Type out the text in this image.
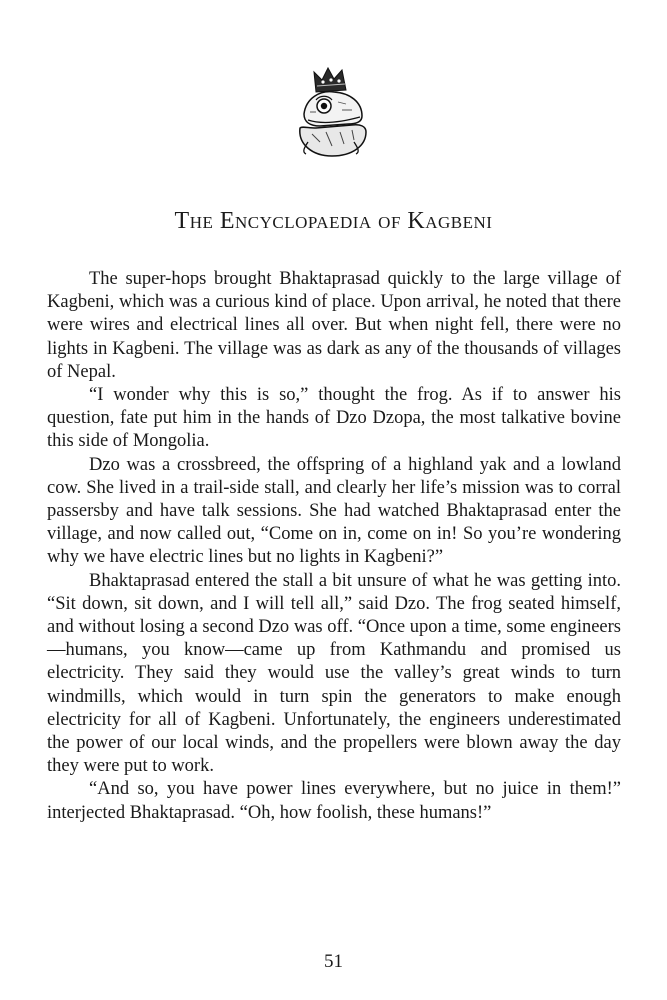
The Encyclopaedia of Kagbeni

The super-hops brought Bhaktaprasad quickly to the large village of Kagbeni, which was a curious kind of place. Upon arrival, he noted that there were wires and electrical lines all over. But when night fell, there were no lights in Kagbeni. The village was as dark as any of the thousands of villages of Nepal.

“I wonder why this is so,” thought the frog. As if to answer his question, fate put him in the hands of Dzo Dzopa, the most talkative bovine this side of Mongolia.

Dzo was a crossbreed, the offspring of a highland yak and a lowland cow. She lived in a trail-side stall, and clearly her life’s mission was to corral passersby and have talk sessions. She had watched Bhaktaprasad enter the village, and now called out, “Come on in, come on in! So you’re wondering why we have electric lines but no lights in Kagbeni?”

Bhaktaprasad entered the stall a bit unsure of what he was getting into. “Sit down, sit down, and I will tell all,” said Dzo. The frog seated himself, and without losing a second Dzo was off. “Once upon a time, some engineers—humans, you know—came up from Kathmandu and promised us electricity. They said they would use the valley’s great winds to turn windmills, which would in turn spin the generators to make enough electricity for all of Kagbeni. Unfortunately, the engineers underestimated the power of our local winds, and the propellers were blown away the day they were put to work.

“And so, you have power lines everywhere, but no juice in them!” interjected Bhaktaprasad. “Oh, how foolish, these humans!”

51
